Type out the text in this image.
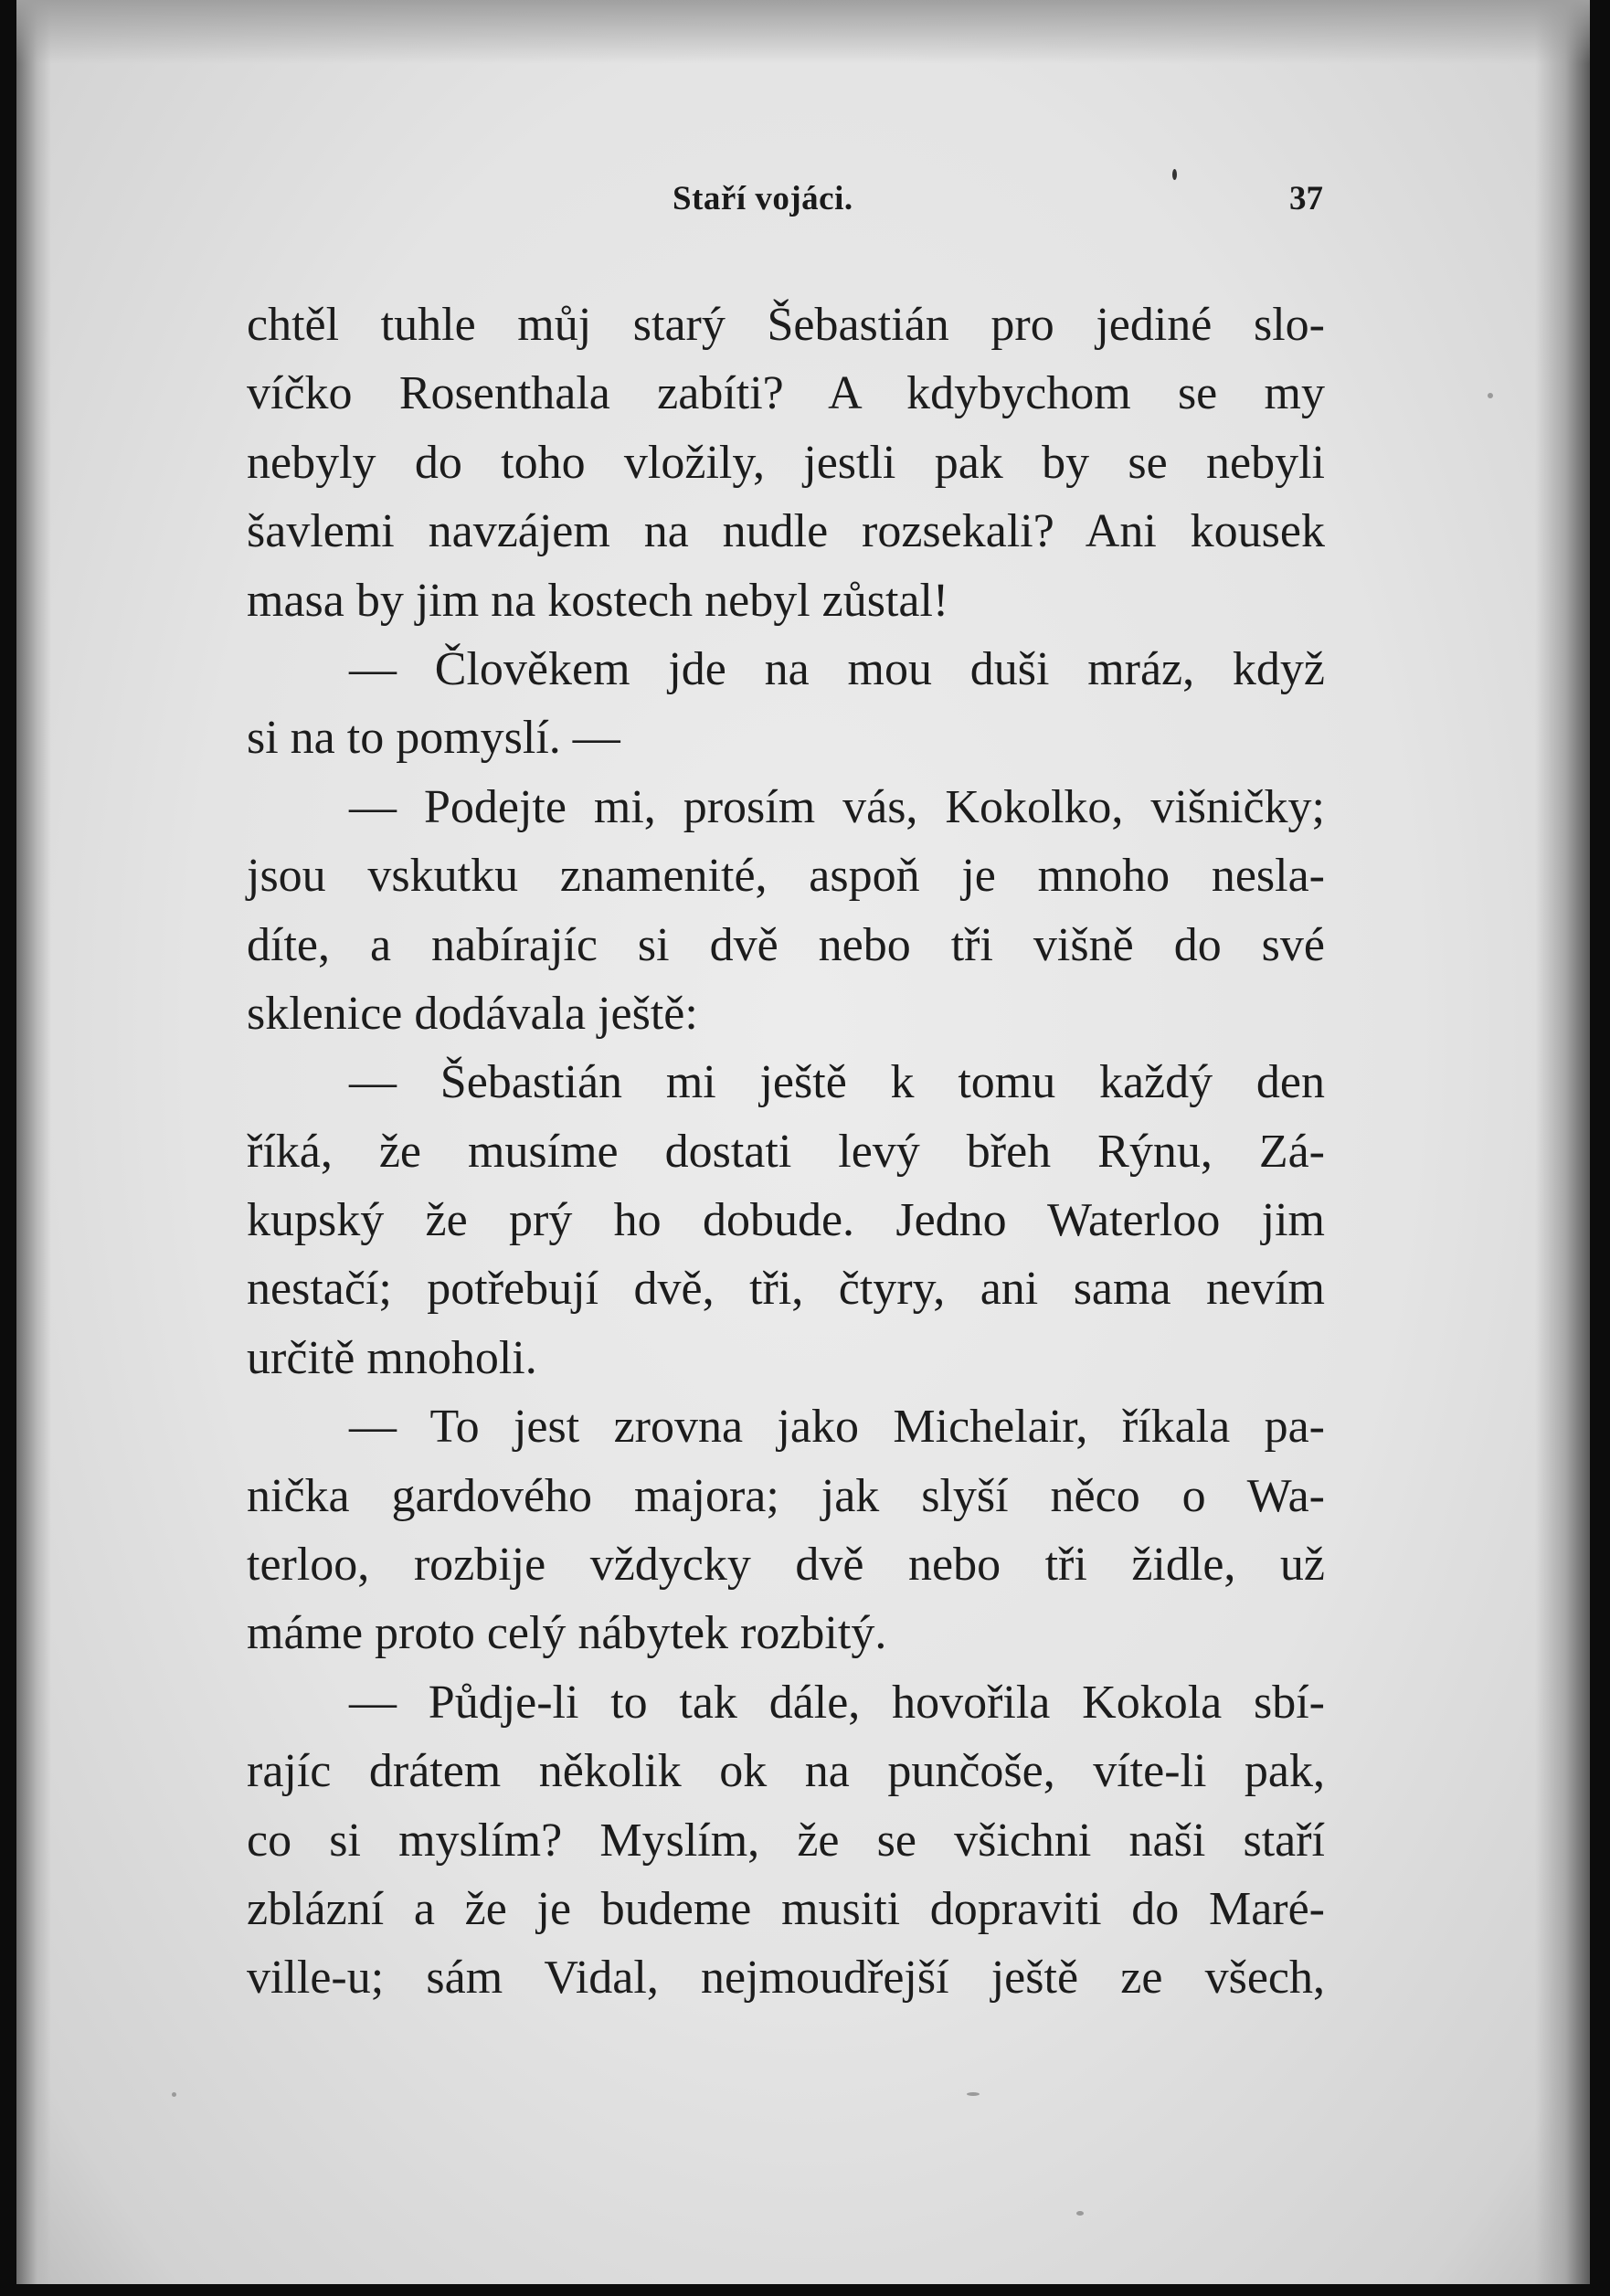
Staří vojáci.	37
chtěl tuhle můj starý Šebastián pro jediné slo-
víčko Rosenthala zabíti? A kdybychom se my
nebyly do toho vložily, jestli pak by se nebyli
šavlemi navzájem na nudle rozsekali? Ani kousek
masa by jim na kostech nebyl zůstal!
— Člověkem jde na mou duši mráz, když
si na to pomyslí. —
— Podejte mi, prosím vás, Kokolko, višničky;
jsou vskutku znamenité, aspoň je mnoho nesla-
díte, a nabírajíc si dvě nebo tři višně do své
sklenice dodávala ještě:
— Šebastián mi ještě k tomu každý den
říká, že musíme dostati levý břeh Rýnu, Zá-
kupský že prý ho dobude. Jedno Waterloo jim
nestačí; potřebují dvě, tři, čtyry, ani sama nevím
určitě mnoholi.
— To jest zrovna jako Michelair, říkala pa-
nička gardového majora; jak slyší něco o Wa-
terloo, rozbije vždycky dvě nebo tři židle, už
máme proto celý nábytek rozbitý.
— Půdje-li to tak dále, hovořila Kokola sbí-
rajíc drátem několik ok na punčoše, víte-li pak,
co si myslím? Myslím, že se všichni naši staří
zblázní a že je budeme musiti dopraviti do Maré-
ville-u; sám Vidal, nejmoudřejší ještě ze všech,
